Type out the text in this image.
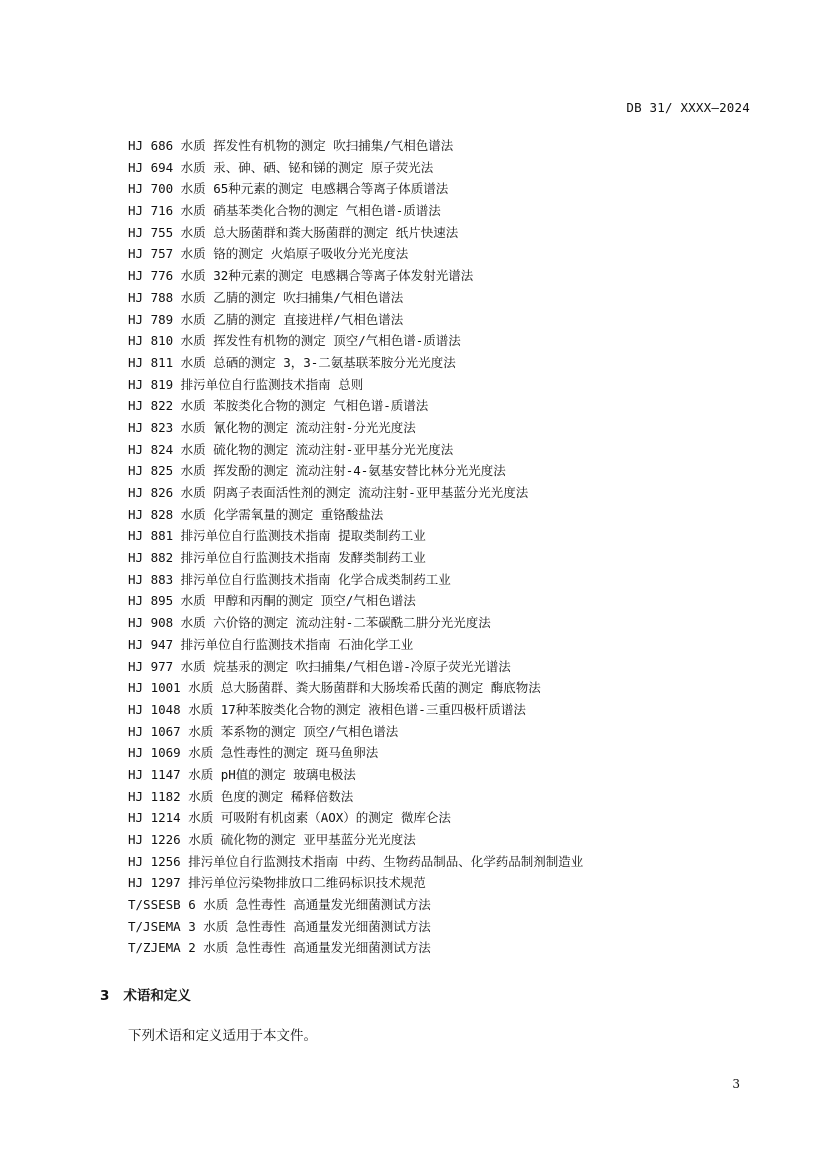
DB 31/ XXXX—2024
HJ 686 水质 挥发性有机物的测定 吹扫捕集/气相色谱法
HJ 694 水质 汞、砷、硒、铋和锑的测定 原子荧光法
HJ 700 水质 65种元素的测定 电感耦合等离子体质谱法
HJ 716 水质 硝基苯类化合物的测定 气相色谱-质谱法
HJ 755 水质 总大肠菌群和粪大肠菌群的测定 纸片快速法
HJ 757 水质 铬的测定 火焰原子吸收分光光度法
HJ 776 水质 32种元素的测定 电感耦合等离子体发射光谱法
HJ 788 水质 乙腈的测定 吹扫捕集/气相色谱法
HJ 789 水质 乙腈的测定 直接进样/气相色谱法
HJ 810 水质 挥发性有机物的测定 顶空/气相色谱-质谱法
HJ 811 水质 总硒的测定 3，3-二氨基联苯胺分光光度法
HJ 819 排污单位自行监测技术指南 总则
HJ 822 水质 苯胺类化合物的测定 气相色谱-质谱法
HJ 823 水质 氰化物的测定 流动注射-分光光度法
HJ 824 水质 硫化物的测定 流动注射-亚甲基分光光度法
HJ 825 水质 挥发酚的测定 流动注射-4-氨基安替比林分光光度法
HJ 826 水质 阴离子表面活性剂的测定 流动注射-亚甲基蓝分光光度法
HJ 828 水质 化学需氧量的测定 重铬酸盐法
HJ 881 排污单位自行监测技术指南 提取类制药工业
HJ 882 排污单位自行监测技术指南 发酵类制药工业
HJ 883 排污单位自行监测技术指南 化学合成类制药工业
HJ 895 水质 甲醇和丙酮的测定 顶空/气相色谱法
HJ 908 水质 六价铬的测定 流动注射-二苯碳酰二肼分光光度法
HJ 947 排污单位自行监测技术指南 石油化学工业
HJ 977 水质 烷基汞的测定 吹扫捕集/气相色谱-冷原子荧光光谱法
HJ 1001 水质 总大肠菌群、粪大肠菌群和大肠埃希氏菌的测定 酶底物法
HJ 1048 水质 17种苯胺类化合物的测定 液相色谱-三重四极杆质谱法
HJ 1067 水质 苯系物的测定 顶空/气相色谱法
HJ 1069 水质 急性毒性的测定 斑马鱼卵法
HJ 1147 水质 pH值的测定 玻璃电极法
HJ 1182 水质 色度的测定 稀释倍数法
HJ 1214 水质 可吸附有机卤素（AOX）的测定 微库仑法
HJ 1226 水质 硫化物的测定 亚甲基蓝分光光度法
HJ 1256 排污单位自行监测技术指南 中药、生物药品制品、化学药品制剂制造业
HJ 1297 排污单位污染物排放口二维码标识技术规范
T/SSESB 6 水质 急性毒性 高通量发光细菌测试方法
T/JSEMA 3 水质 急性毒性 高通量发光细菌测试方法
T/ZJEMA 2 水质 急性毒性 高通量发光细菌测试方法
3 术语和定义
下列术语和定义适用于本文件。
3
